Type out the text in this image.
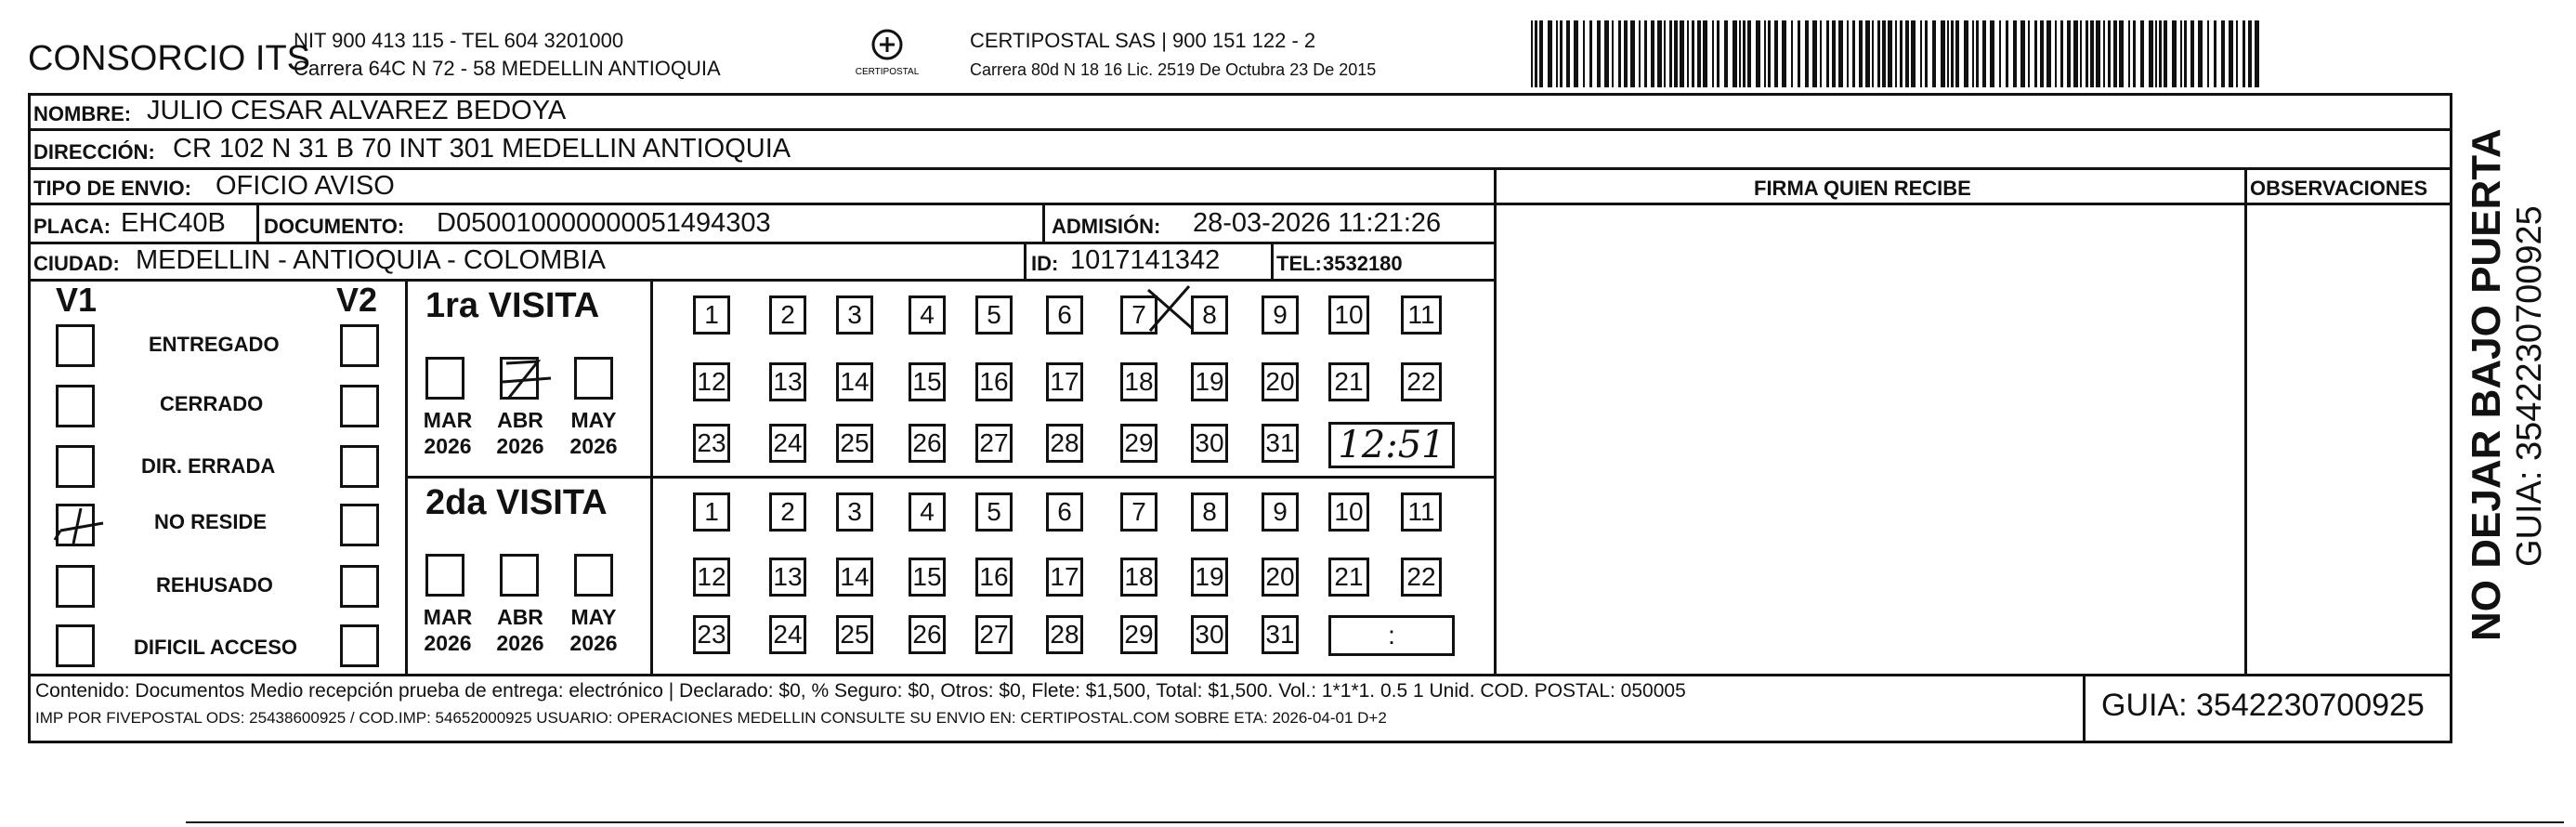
CONSORCIO ITS
NIT 900 413 115 - TEL 604 3201000
Carrera 64C N 72 - 58 MEDELLIN ANTIOQUIA	CERTIPOSTAL
CERTIPOSTAL SAS | 900 151 122 - 2
Carrera 80d N 18 16 Lic. 2519 De Octubra 23 De 2015
NOMBRE: JULIO CESAR ALVAREZ BEDOYA
DIRECCIÓN: CR 102 N 31 B 70 INT 301 MEDELLIN ANTIOQUIA
TIPO DE ENVIO: OFICIO AVISO	FIRMA QUIEN RECIBE	OBSERVACIONES
PLACA: EHC40B DOCUMENTO: D050010000000051494303	ADMISIÓN: 28-03-2026 11:21:26
CIUDAD: MEDELLIN - ANTIOQUIA - COLOMBIA	ID: 1017141342	TEL: 3532180
V1	V2
ENTREGADO
CERRADO
DIR. ERRADA
NO RESIDE
REHUSADO
DIFICIL ACCESO
1ra VISITA
MAR
2026
ABR
2026
MAY
2026
1	2	3	4	5	6	7	8	9	10 11
12 13 14 15 16 17 18 19 20 21 22
23 24 25 26 27 28 29 30 31 12:51
2da VISITA
MAR
2026
ABR
2026
MAY
2026
1	2	3	4	5	6	7	8	9	10 11
12 13 14 15 16 17 18 19 20 21 22
23 24 25 26 27 28 29 30 31	:
Contenido: Documentos Medio recepción prueba de entrega: electrónico | Declarado: $0, % Seguro: $0, Otros: $0, Flete: $1,500, Total: $1,500. Vol.: 1*1*1. 0.5 1 Unid. COD. POSTAL: 050005
IMP POR FIVEPOSTAL ODS: 25438600925 / COD.IMP: 54652000925 USUARIO: OPERACIONES MEDELLIN CONSULTE SU ENVIO EN: CERTIPOSTAL.COM SOBRE ETA: 2026-04-01 D+2	GUIA: 3542230700925
NO DEJAR BAJO PUERTA GUIA: 3542230700925
